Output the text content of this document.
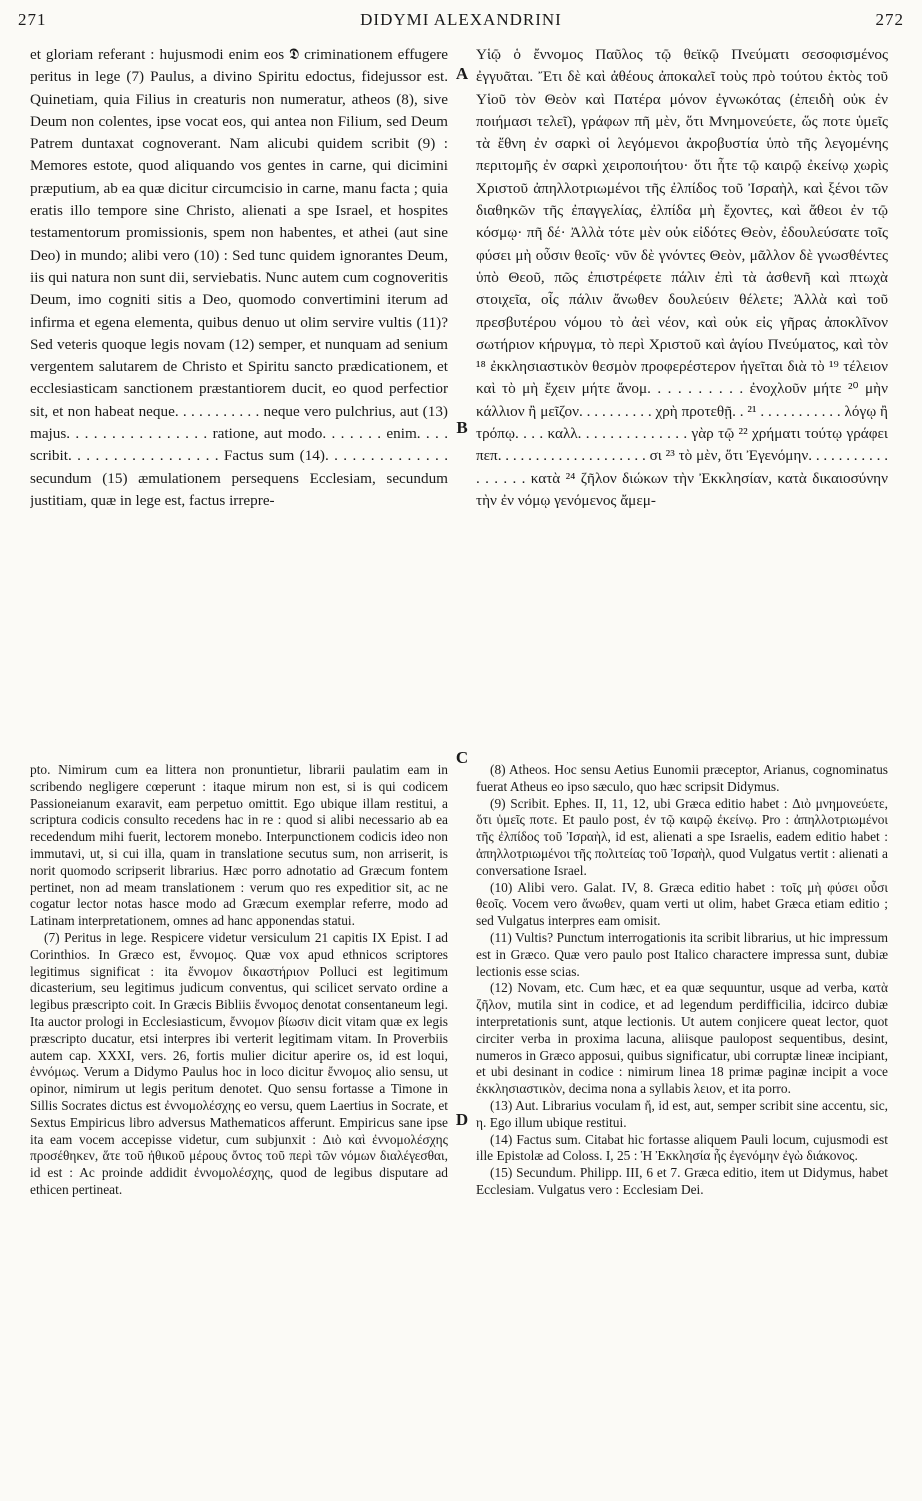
271	DIDYMI ALEXANDRINI	272

et gloriam referant : hujusmodi enim eos 𝕯 criminationem effugere peritus in lege (7) Paulus, a divino Spiritu edoctus, fidejussor est. Quinetiam, quia Filius in creaturis non numeratur, atheos (8), sive Deum non colentes, ipse vocat eos, qui antea non Filium, sed Deum Patrem duntaxat cognoverant. Nam alicubi quidem scribit (9) : Memores estote, quod aliquando vos gentes in carne, qui dicimini præputium, ab ea quæ dicitur circumcisio in carne, manu facta ; quia eratis illo tempore sine Christo, alienati a spe Israel, et hospites testamentorum promissionis, spem non habentes, et athei (aut sine Deo) in mundo; alibi vero (10) : Sed tunc quidem ignorantes Deum, iis qui natura non sunt dii, serviebatis. Nunc autem cum cognoveritis Deum, imo cogniti sitis a Deo, quomodo convertimini iterum ad infirma et egena elementa, quibus denuo ut olim servire vultis (11)? Sed veteris quoque legis novam (12) semper, et nunquam ad senium vergentem salutarem de Christo et Spiritu sancto prædicationem, et ecclesiasticam sanctionem præstantiorem ducit, eo quod perfectior sit, et non habeat neque. . . . . . . . . . . neque vero pulchrius, aut (13) majus. . . . . . . . . . . . . . . . ratione, aut modo. . . . . . . enim. . . . scribit. . . . . . . . . . . . . . . . . Factus sum (14). . . . . . . . . . . . . . secundum (15) æmulationem persequens Ecclesiam, secundum justitiam, quæ in lege est, factus irrepre-

Υἱῷ ὁ ἔννομος Παῦλος τῷ θεϊκῷ Πνεύματι σεσοφισμένος ἐγγυᾶται. Ἔτι δὲ καὶ ἀθέους ἀποκαλεῖ τοὺς πρὸ τούτου ἐκτὸς τοῦ Υἱοῦ τὸν Θεὸν καὶ Πατέρα μόνον ἐγνωκότας (ἐπειδὴ οὐκ ἐν ποιήμασι τελεῖ), γράφων πῆ μὲν, ὅτι Μνημονεύετε, ὥς ποτε ὑμεῖς τὰ ἔθνη ἐν σαρκὶ οἱ λεγόμενοι ἀκροβυστία ὑπὸ τῆς λεγομένης περιτομῆς ἐν σαρκὶ χειροποιήτου· ὅτι ἦτε τῷ καιρῷ ἐκείνῳ χωρὶς Χριστοῦ ἀπηλλοτριωμένοι τῆς ἐλπίδος τοῦ Ἰσραὴλ, καὶ ξένοι τῶν διαθηκῶν τῆς ἐπαγγελίας, ἐλπίδα μὴ ἔχοντες, καὶ ἄθεοι ἐν τῷ κόσμῳ· πῆ δέ· Ἀλλὰ τότε μὲν οὐκ εἰδότες Θεὸν, ἐδουλεύσατε τοῖς φύσει μὴ οὖσιν θεοῖς· νῦν δὲ γνόντες Θεὸν, μᾶλλον δὲ γνωσθέντες ὑπὸ Θεοῦ, πῶς ἐπιστρέφετε πάλιν ἐπὶ τὰ ἀσθενῆ καὶ πτωχὰ στοιχεῖα, οἷς πάλιν ἄνωθεν δουλεύειν θέλετε; Ἀλλὰ καὶ τοῦ πρεσβυτέρου νόμου τὸ ἀεὶ νέον, καὶ οὐκ εἰς γῆρας ἀποκλῖνον σωτήριον κήρυγμα, τὸ περὶ Χριστοῦ καὶ ἁγίου Πνεύματος, καὶ τὸν ¹⁸ ἐκκλησιαστικὸν θεσμὸν προφερέστερον ἡγεῖται διὰ τὸ ¹⁹ τέλειον καὶ τὸ μὴ ἔχειν μήτε ἄνομ. . . . . . . . . . ἐνοχλοῦν μήτε ²⁰ μὴν κάλλιον ἢ μεῖζον. . . . . . . . . . χρὴ προτεθῇ. . ²¹ . . . . . . . . . . . λόγῳ ἢ τρόπῳ. . . . καλλ. . . . . . . . . . . . . . γὰρ τῷ ²² χρήματι τούτῳ γράφει πεπ. . . . . . . . . . . . . . . . . . . . σι ²³ τὸ μὲν, ὅτι Ἐγενόμην. . . . . . . . . . . . . . . . . κατὰ ²⁴ ζῆλον διώκων τὴν Ἐκκλησίαν, κατὰ δικαιοσύνην τὴν ἐν νόμῳ γενόμενος ἄμεμ-

A
B
C
D

pto. Nimirum cum ea littera non pronuntietur, librarii paulatim eam in scribendo negligere cœperunt : itaque mirum non est, si is qui codicem Passioneianum exaravit, eam perpetuo omittit. Ego ubique illam restitui, a scriptura codicis consulto recedens hac in re : quod si alibi necessario ab ea recedendum mihi fuerit, lectorem monebo. Interpunctionem codicis ideo non immutavi, ut, si cui illa, quam in translatione secutus sum, non arriserit, is norit quomodo scripserit librarius. Hæc porro adnotatio ad Græcum fontem pertinet, non ad meam translationem : verum quo res expeditior sit, ac ne cogatur lector notas hasce modo ad Græcum exemplar referre, modo ad Latinam interpretationem, omnes ad hanc apponendas statui.

(7) Peritus in lege. Respicere videtur versiculum 21 capitis IX Epist. I ad Corinthios. In Græco est, ἔννομος. Quæ vox apud ethnicos scriptores legitimus significat : ita ἔννομον δικαστήριον Polluci est legitimum dicasterium, seu legitimus judicum conventus, qui scilicet servato ordine a legibus præscripto coit. In Græcis Bibliis ἔννομος denotat consentaneum legi. Ita auctor prologi in Ecclesiasticum, ἔννομον βίωσιν dicit vitam quæ ex legis præscripto ducatur, etsi interpres ibi verterit legitimam vitam. In Proverbiis autem cap. XXXI, vers. 26, fortis mulier dicitur aperire os, id est loqui, ἐννόμως. Verum a Didymo Paulus hoc in loco dicitur ἔννομος alio sensu, ut opinor, nimirum ut legis peritum denotet. Quo sensu fortasse a Timone in Sillis Socrates dictus est ἐννομολέσχης eo versu, quem Laertius in Socrate, et Sextus Empiricus libro adversus Mathematicos afferunt. Empiricus sane ipse ita eam vocem accepisse videtur, cum subjunxit : Διὸ καὶ ἐννομολέσχης προσέθηκεν, ἅτε τοῦ ἠθικοῦ μέρους ὄντος τοῦ περὶ τῶν νόμων διαλέγεσθαι, id est : Ac proinde addidit ἐννομολέσχης, quod de legibus disputare ad ethicen pertineat.

(8) Atheos. Hoc sensu Aetius Eunomii præceptor, Arianus, cognominatus fuerat Atheus eo ipso sæculo, quo hæc scripsit Didymus.

(9) Scribit. Ephes. II, 11, 12, ubi Græca editio habet : Διὸ μνημονεύετε, ὅτι ὑμεῖς ποτε. Et paulo post, ἐν τῷ καιρῷ ἐκείνῳ. Pro : ἀπηλλοτριωμένοι τῆς ἐλπίδος τοῦ Ἰσραὴλ, id est, alienati a spe Israelis, eadem editio habet : ἀπηλλοτριωμένοι τῆς πολιτείας τοῦ Ἰσραὴλ, quod Vulgatus vertit : alienati a conversatione Israel.

(10) Alibi vero. Galat. IV, 8. Græca editio habet : τοῖς μὴ φύσει οὖσι θεοῖς. Vocem vero ἄνωθεν, quam verti ut olim, habet Græca etiam editio ; sed Vulgatus interpres eam omisit.

(11) Vultis? Punctum interrogationis ita scribit librarius, ut hic impressum est in Græco. Quæ vero paulo post Italico charactere impressa sunt, dubiæ lectionis esse scias.

(12) Novam, etc. Cum hæc, et ea quæ sequuntur, usque ad verba, κατὰ ζῆλον, mutila sint in codice, et ad legendum perdifficilia, idcirco dubiæ interpretationis sunt, atque lectionis. Ut autem conjicere queat lector, quot circiter verba in proxima lacuna, aliisque paulopost sequentibus, desint, numeros in Græco apposui, quibus significatur, ubi corruptæ lineæ incipiant, et ubi desinant in codice : nimirum linea 18 primæ paginæ incipit a voce ἐκκλησιαστικὸν, decima nona a syllabis λειον, et ita porro.

(13) Aut. Librarius voculam ἤ, id est, aut, semper scribit sine accentu, sic, η. Ego illum ubique restitui.

(14) Factus sum. Citabat hic fortasse aliquem Pauli locum, cujusmodi est ille Epistolæ ad Coloss. I, 25 : Ἡ Ἐκκλησία ἧς ἐγενόμην ἐγὼ διάκονος.

(15) Secundum. Philipp. III, 6 et 7. Græca editio, item ut Didymus, habet Ecclesiam. Vulgatus vero : Ecclesiam Dei.
